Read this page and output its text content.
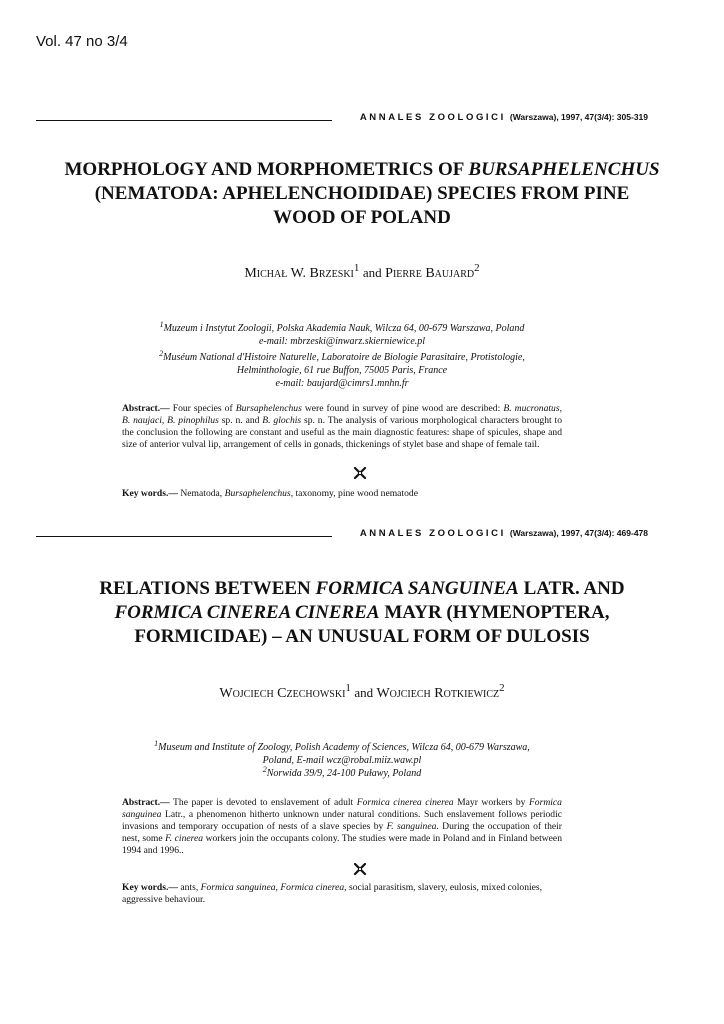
Vol. 47 no 3/4
ANNALES ZOOLOGICI (Warszawa), 1997, 47(3/4): 305-319
MORPHOLOGY AND MORPHOMETRICS OF BURSAPHELENCHUS
(NEMATODA: APHELENCHOIDIDAE) SPECIES FROM PINE
WOOD OF POLAND
Michał W. Brzeski$^1$ and Pierre Baujard$^2$
$^1$Muzeum i Instytut Zoologii, Polska Akademia Nauk, Wilcza 64, 00-679 Warszawa, Poland
e-mail: mbrzeski@inwarz.skierniewice.pl
$^2$Muséum National d'Histoire Naturelle, Laboratoire de Biologie Parasitaire, Protistologie,
Helminthologie, 61 rue Buffon, 75005 Paris, France
e-mail: baujard@cimrs1.mnhn.fr
Abstract.— Four species of Bursaphelenchus were found in survey of pine wood are described: B. mucronatus, B. naujaci, B. pinophilus sp. n. and B. glochis sp. n. The analysis of various morphological characters brought to the conclusion the following are constant and useful as the main diagnostic features: shape of spicules, shape and size of anterior vulval lip, arrangement of cells in gonads, thickenings of stylet base and shape of female tail.
Key words.— Nematoda, Bursaphelenchus, taxonomy, pine wood nematode
ANNALES ZOOLOGICI (Warszawa), 1997, 47(3/4): 469-478
RELATIONS BETWEEN FORMICA SANGUINEA LATR. AND
FORMICA CINEREA CINEREA MAYR (HYMENOPTERA,
FORMICIDAE) – AN UNUSUAL FORM OF DULOSIS
Wojciech Czechowski$^1$ and Wojciech Rotkiewicz$^2$
$^1$Museum and Institute of Zoology, Polish Academy of Sciences, Wilcza 64, 00-679 Warszawa,
Poland, E-mail wcz@robal.miiz.waw.pl
$^2$Norwida 39/9, 24-100 Puławy, Poland
Abstract.— The paper is devoted to enslavement of adult Formica cinerea cinerea Mayr workers by Formica sanguinea Latr., a phenomenon hitherto unknown under natural conditions. Such enslavement follows periodic invasions and temporary occupation of nests of a slave species by F. sanguinea. During the occupation of their nest, some F. cinerea workers join the occupants colony. The studies were made in Poland and in Finland between 1994 and 1996..
Key words.— ants, Formica sanguinea, Formica cinerea, social parasitism, slavery, eulosis, mixed colonies, aggressive behaviour.
